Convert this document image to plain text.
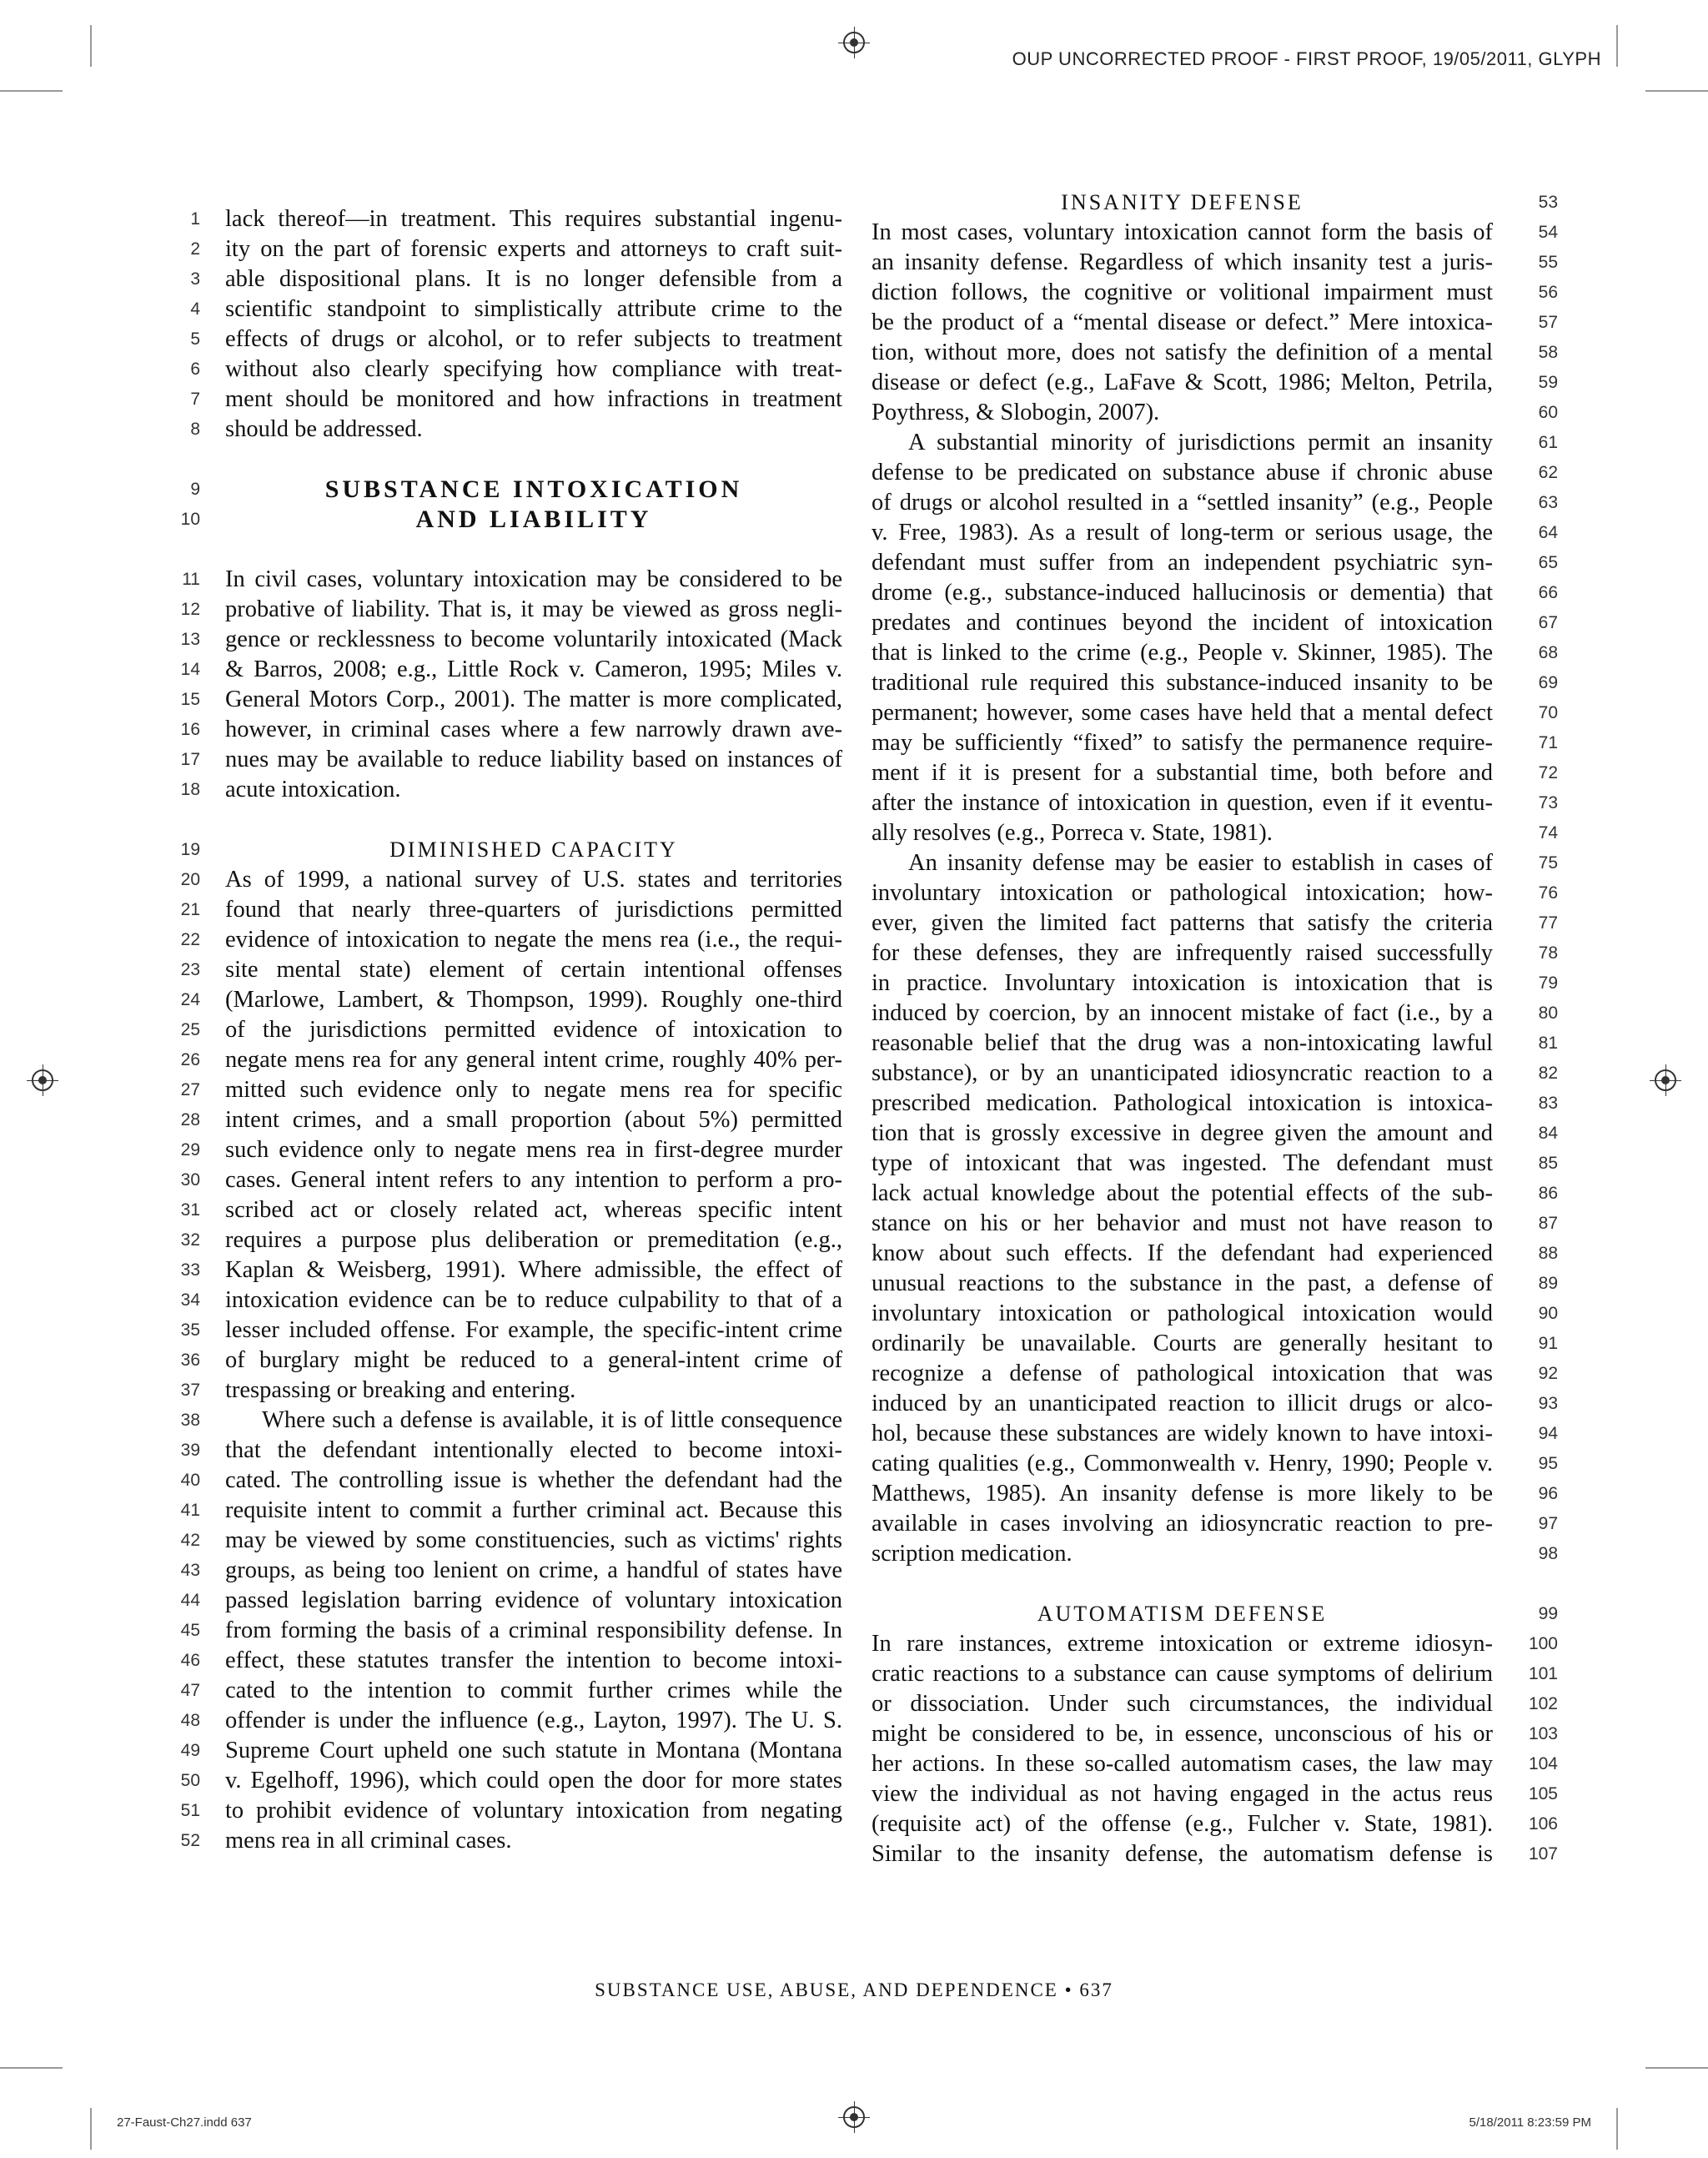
OUP UNCORRECTED PROOF - FIRST PROOF, 19/05/2011, GLYPH
1 lack thereof—in treatment. This requires substantial ingenu-
2 ity on the part of forensic experts and attorneys to craft suit-
3 able dispositional plans. It is no longer defensible from a
4 scientific standpoint to simplistically attribute crime to the
5 effects of drugs or alcohol, or to refer subjects to treatment
6 without also clearly specifying how compliance with treat-
7 ment should be monitored and how infractions in treatment
8 should be addressed.
9	SUBSTANCE INTOXICATION
10	AND LIABILITY
11 In civil cases, voluntary intoxication may be considered to be
12 probative of liability. That is, it may be viewed as gross negli-
13 gence or recklessness to become voluntarily intoxicated (Mack
14 & Barros, 2008; e.g., Little Rock v. Cameron, 1995; Miles v.
15 General Motors Corp., 2001). The matter is more complicated,
16 however, in criminal cases where a few narrowly drawn ave-
17 nues may be available to reduce liability based on instances of
18 acute intoxication.
19	DIMINISHED CAPACITY
20 As of 1999, a national survey of U.S. states and territories
21 found that nearly three-quarters of jurisdictions permitted
22 evidence of intoxication to negate the mens rea (i.e., the requi-
23 site mental state) element of certain intentional offenses
24 (Marlowe, Lambert, & Thompson, 1999). Roughly one-third
25 of the jurisdictions permitted evidence of intoxication to
26 negate mens rea for any general intent crime, roughly 40% per-
27 mitted such evidence only to negate mens rea for specific
28 intent crimes, and a small proportion (about 5%) permitted
29 such evidence only to negate mens rea in first-degree murder
30 cases. General intent refers to any intention to perform a pro-
31 scribed act or closely related act, whereas specific intent
32 requires a purpose plus deliberation or premeditation (e.g.,
33 Kaplan & Weisberg, 1991). Where admissible, the effect of
34 intoxication evidence can be to reduce culpability to that of a
35 lesser included offense. For example, the specific-intent crime
36 of burglary might be reduced to a general-intent crime of
37 trespassing or breaking and entering.
38	Where such a defense is available, it is of little consequence
39 that the defendant intentionally elected to become intoxi-
40 cated. The controlling issue is whether the defendant had the
41 requisite intent to commit a further criminal act. Because this
42 may be viewed by some constituencies, such as victims' rights
43 groups, as being too lenient on crime, a handful of states have
44 passed legislation barring evidence of voluntary intoxication
45 from forming the basis of a criminal responsibility defense. In
46 effect, these statutes transfer the intention to become intoxi-
47 cated to the intention to commit further crimes while the
48 offender is under the influence (e.g., Layton, 1997). The U. S.
49 Supreme Court upheld one such statute in Montana (Montana
50 v. Egelhoff, 1996), which could open the door for more states
51 to prohibit evidence of voluntary intoxication from negating
52 mens rea in all criminal cases.
53
INSANITY DEFENSE
54
In most cases, voluntary intoxication cannot form the basis of
55
an insanity defense. Regardless of which insanity test a juris-
56
diction follows, the cognitive or volitional impairment must
57
be the product of a “mental disease or defect.” Mere intoxica-
58
tion, without more, does not satisfy the definition of a mental
59
disease or defect (e.g., LaFave & Scott, 1986; Melton, Petrila,
60
Poythress, & Slobogin, 2007).
61
A substantial minority of jurisdictions permit an insanity
62
defense to be predicated on substance abuse if chronic abuse
63
of drugs or alcohol resulted in a “settled insanity” (e.g., People
64
v. Free, 1983). As a result of long-term or serious usage, the
65
defendant must suffer from an independent psychiatric syn-
66
drome (e.g., substance-induced hallucinosis or dementia) that
67
predates and continues beyond the incident of intoxication
68
that is linked to the crime (e.g., People v. Skinner, 1985). The
69
traditional rule required this substance-induced insanity to be
70
permanent; however, some cases have held that a mental defect
71
may be sufficiently “fixed” to satisfy the permanence require-
72
ment if it is present for a substantial time, both before and
73
after the instance of intoxication in question, even if it eventu-
74
ally resolves (e.g., Porreca v. State, 1981).
75
An insanity defense may be easier to establish in cases of
76
involuntary intoxication or pathological intoxication; how-
77
ever, given the limited fact patterns that satisfy the criteria
78
for these defenses, they are infrequently raised successfully
79
in practice. Involuntary intoxication is intoxication that is
80
induced by coercion, by an innocent mistake of fact (i.e., by a
81
reasonable belief that the drug was a non-intoxicating lawful
82
substance), or by an unanticipated idiosyncratic reaction to a
83
prescribed medication. Pathological intoxication is intoxica-
84
tion that is grossly excessive in degree given the amount and
85
type of intoxicant that was ingested. The defendant must
86
lack actual knowledge about the potential effects of the sub-
87
stance on his or her behavior and must not have reason to
88
know about such effects. If the defendant had experienced
89
unusual reactions to the substance in the past, a defense of
90
involuntary intoxication or pathological intoxication would
91
ordinarily be unavailable. Courts are generally hesitant to
92
recognize a defense of pathological intoxication that was
93
induced by an unanticipated reaction to illicit drugs or alco-
94
hol, because these substances are widely known to have intoxi-
95
cating qualities (e.g., Commonwealth v. Henry, 1990; People v.
96
Matthews, 1985). An insanity defense is more likely to be
97
available in cases involving an idiosyncratic reaction to pre-
98
scription medication.
99
AUTOMATISM DEFENSE
100
In rare instances, extreme intoxication or extreme idiosyn-
101
cratic reactions to a substance can cause symptoms of delirium
102
or dissociation. Under such circumstances, the individual
103
might be considered to be, in essence, unconscious of his or
104
her actions. In these so-called automatism cases, the law may
105
view the individual as not having engaged in the actus reus
106
(requisite act) of the offense (e.g., Fulcher v. State, 1981).
107
Similar to the insanity defense, the automatism defense is
SUBSTANCE USE, ABUSE, AND DEPENDENCE • 637
27-Faust-Ch27.indd 637	5/18/2011 8:23:59 PM
